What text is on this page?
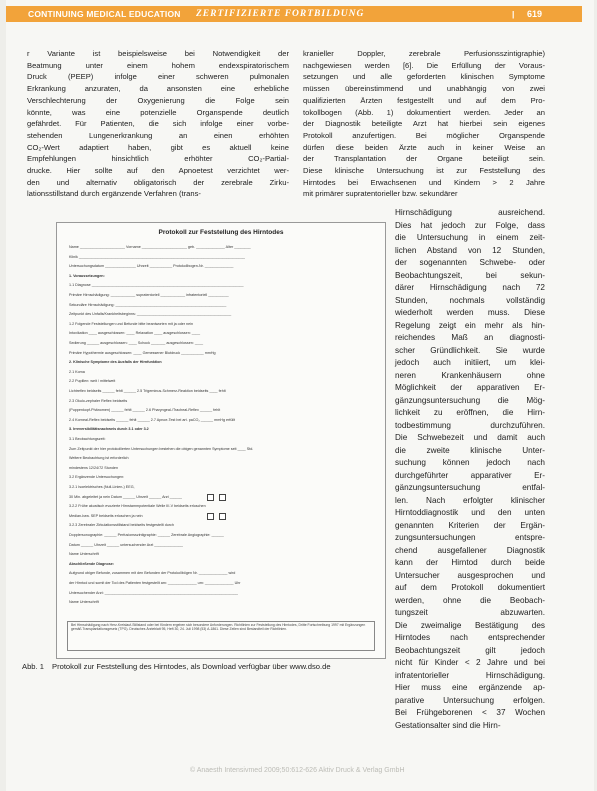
CONTINUING MEDICAL EDUCATION ZERTIFIZIERTE FORTBILDUNG	| 619

r Variante ist beispielsweise bei Notwendigkeit der

Beatmung unter einem hohem endexspiratorischem

Druck (PEEP) infolge einer schweren pulmonalen

Erkrankung anzuraten, da ansonsten eine erhebliche

Verschlechterung der Oxygenierung die Folge sein

könnte, was eine potenzielle Organspende deutlich

gefährdet. Für Patienten, die sich infolge einer vorbe-

stehenden Lungenerkrankung an einen erhöhten

CO₂-Wert adaptiert haben, gibt es aktuell keine

Empfehlungen hinsichtlich erhöhter CO₂-Partial-

drucke. Hier sollte auf den Apnoetest verzichtet wer-

den und alternativ obligatorisch der zerebrale Zirku-

lationsstillstand durch ergänzende Verfahren (trans-

kranieller Doppler, zerebrale Perfusionsszintigraphie)

nachgewiesen werden [6]. Die Erfüllung der Voraus-

setzungen und alle geforderten klinischen Symptome

müssen übereinstimmend und unabhängig von zwei

qualifizierten Ärzten festgestellt und auf dem Pro-

tokollbogen (Abb. 1) dokumentiert werden. Jeder an

der Diagnostik beteiligte Arzt hat hierbei sein eigenes

Protokoll anzufertigen. Bei möglicher Organspende

dürfen diese beiden Ärzte auch in keiner Weise an

der Transplantation der Organe beteiligt sein.

Diese klinische Untersuchung ist zur Feststellung des

Hirntodes bei Erwachsenen und Kindern > 2 Jahre

mit primärer supratentorieller bzw. sekundärer

Hirnschädigung ausreichend.

Dies hat jedoch zur Folge, dass

die Untersuchung in einem zeit-

lichen Abstand von 12 Stunden,

der sogenannten Schwebe- oder

Beobachtungszeit, bei sekun-

därer Hirnschädigung nach 72

Stunden, nochmals vollständig

wiederholt werden muss. Diese

Regelung zeigt ein mehr als hin-

reichendes Maß an diagnosti-

scher Gründlichkeit. Sie wurde

jedoch auch initiiert, um klei-

neren Krankenhäusern ohne

Möglichkeit der apparativen Er-

gänzungsuntersuchung die Mög-

lichkeit zu eröffnen, die Hirn-

todbestimmung durchzuführen.

Die Schwebezeit und damit auch

die zweite klinische Unter-

suchung können jedoch nach

durchgeführter apparativer Er-

gänzungsuntersuchung entfal-

len. Nach erfolgter klinischer

Hirntoddiagnostik und den unten

genannten Kriterien der Ergän-

zungsuntersuchungen entspre-

chend ausgefallener Diagnostik

kann der Hirntod durch beide

Untersucher ausgesprochen und

auf dem Protokoll dokumentiert

werden, ohne die Beobach-

tungszeit abzuwarten.

Die zweimalige Bestätigung des

Hirntodes nach entsprechender

Beobachtungszeit gilt jedoch

nicht für Kinder < 2 Jahre und bei

infratentorieller Hirnschädigung.

Hier muss eine ergänzende ap-

parative Untersuchung erfolgen.

Bei Frühgeborenen < 37 Wochen

Gestationsalter sind die Hirn-

Protokoll zur Feststellung des Hirntodes
Bei Hirnschädigung nach Herz-Kreislauf-Stillstand oder bei Kindern ergeben sich besondere Anforderungen. Richtlinien zur Feststellung des Hirntodes, Dritte Fortschreibung 1997 mit Ergänzungen gemäß Transplantationsgesetz (TPG). Deutsches Ärzteblatt 95, Heft 30, 24. Juli 1998 (53) A-1861. Diese Zeilen sind Bestandteil der Richtlinien.
Name ______________________ Vorname ______________________ geb. ______________ Alter ________
Klinik _________________________________________________________________________________
Untersuchungsdatum _______________ Uhrzeit ___________ Protokollbogen-Nr. ______________
1. Voraussetzungen:
1.1 Diagnose __________________________________________________________________________
Primäre Hirnschädigung: ____________ supratentoriell ____________ infratentoriell __________
Sekundäre Hirnschädigung: ______________________________________________________
Zeitpunkt des Unfalls/Krankheitsbeginns: ______________________________________________
1.2 Folgende Feststellungen und Befunde bitte beantworten mit ja oder nein
Intoxikation ____ ausgeschlossen: ____ Relaxation ____ ausgeschlossen: ____
Sedierung ______ ausgeschlossen: ____ Schock _______ ausgeschlossen: ____
Primäre Hypothermie ausgeschlossen: ____ Gemessener Blutdruck ___________ mmHg
2. Klinische Symptome des Ausfalls der Hirnfunktion
2.1 Koma
2.2 Pupillen: weit / mittelweit
Lichtreflex beidseits ______ fehlt ______ 2.5 Trigeminus-Schmerz-Reaktion beidseits ____ fehlt
2.3 Okulo-zephaler Reflex beidseits
(Puppenkopf-Phänomen) ______ fehlt ______ 2.6 Pharyngeal-/Tracheal-Reflex ______ fehlt
2.4 Korneal-Reflex beidseits ______ fehlt ______ 2.7 Apnoe-Test bei art. paCO₂ ______ mmHg erfüllt
3. Irreversibilitätsnachweis durch 3.1 oder 3.2
3.1 Beobachtungszeit:
Zum Zeitpunkt der hier protokollierten Untersuchungen bestehen die obigen genannten Symptome seit ____ Std.
Weitere Beobachtung ist erforderlich
mindestens 12/24/72 Stunden
3.2 Ergänzende Untersuchungen:
3.2.1 Isoelektrisches (Null-Linien-) EEG,
30 Min. abgeleitet ja nein Datum ______ Uhrzeit ______ Arzt ______
3.2.2 Frühe akustisch evozierte Hirnstammpotentiale Welle III-V beidseits erloschen
Median-bzw. SEP beidseits erloschen ja nein
3.2.3 Zerebraler Zirkulationsstillstand beidseits festgestellt durch
Dopplersonographie: ______ Perfusionsszintigraphie: ______ Zerebrale Angiographie: ______
Datum ______ Uhrzeit ______ untersuchender Arzt ______________
Name Unterschrift
Abschließende Diagnose:
Aufgrund obiger Befunde, zusammen mit den Befunden der Protokollbögen Nr. ______________ wird
der Hirntod und somit der Tod des Patienten festgestellt am: ______________ um: ______________ Uhr
Untersuchender Arzt: _________________________________________________________________
Name Unterschrift
Abb. 1 Protokoll zur Feststellung des Hirntodes, als Download verfügbar über www.dso.de
© Anaesth Intensivmed 2009;50:612-626 Aktiv Druck & Verlag GmbH
